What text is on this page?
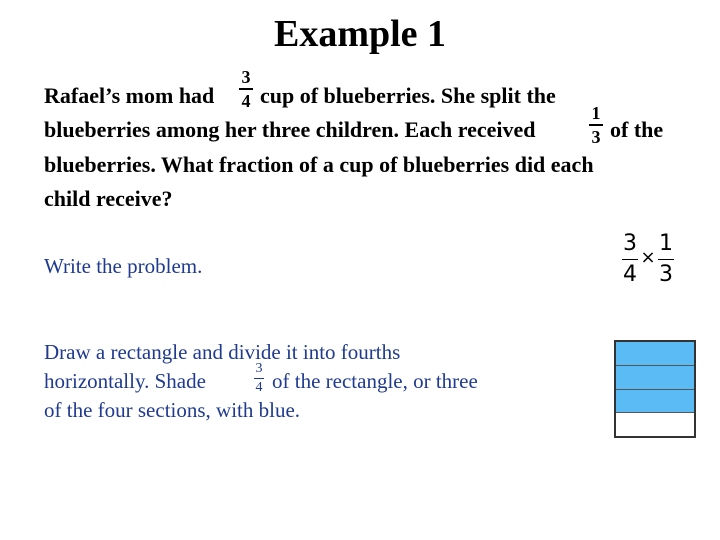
Example 1
Rafael’s mom had
3
4 cup of blueberries. She split the
blueberries among her three children. Each received
1
3 of the
blueberries. What fraction of a cup of blueberries did each
child receive?
Write the problem.
3
4
×
1
3
Draw a rectangle and divide it into fourths
horizontally. Shade
3
4 of the rectangle, or three
of the four sections, with blue.
